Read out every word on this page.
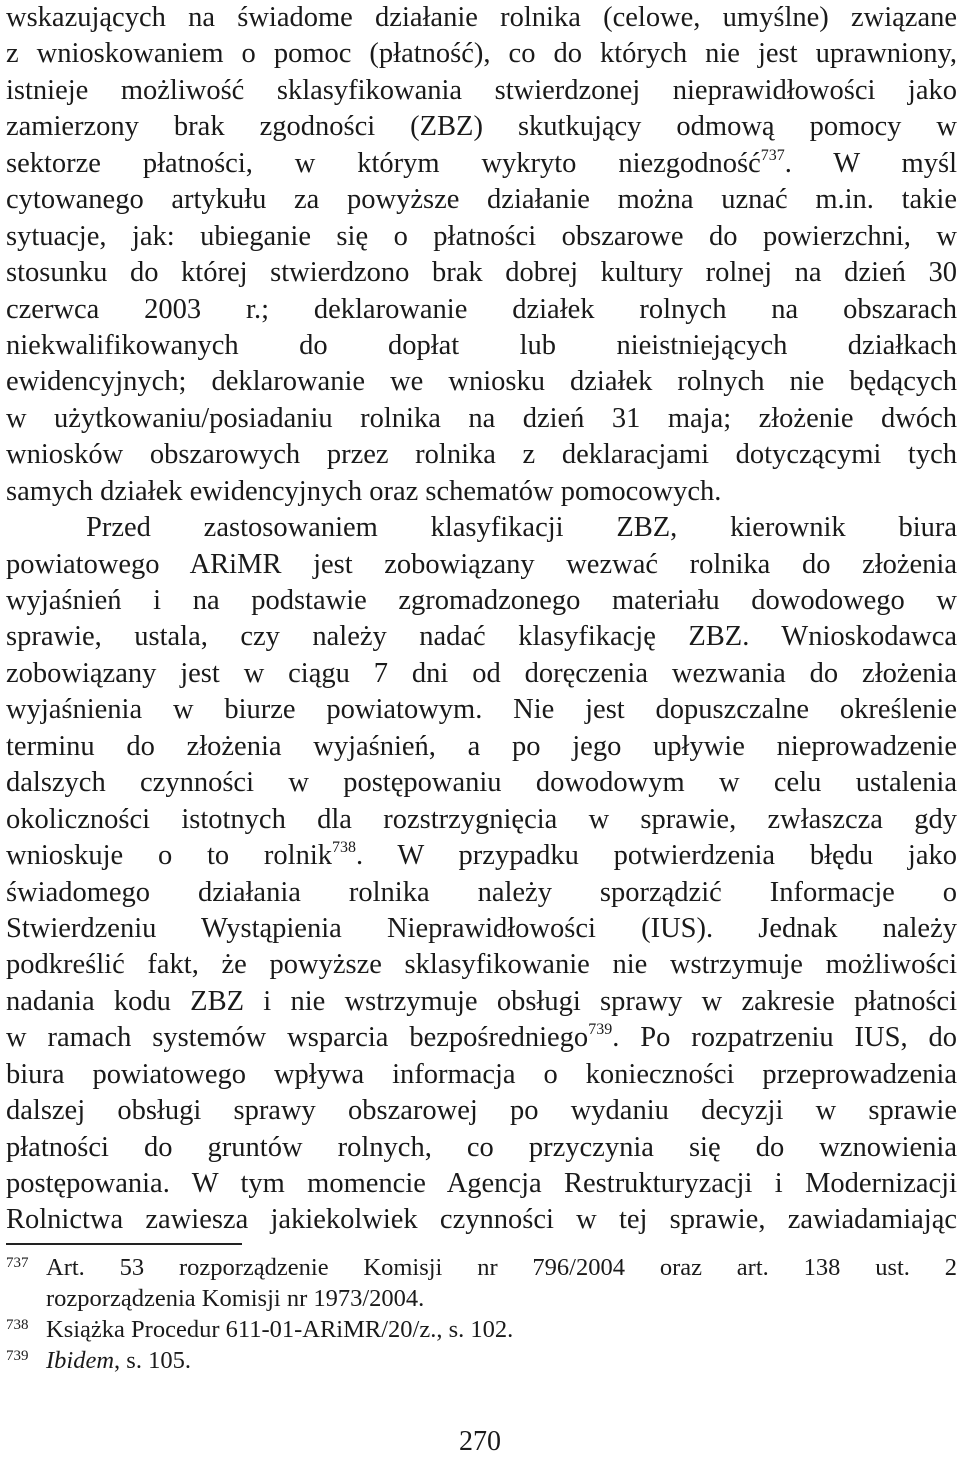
wskazujących na świadome działanie rolnika (celowe, umyślne) związane
z wnioskowaniem o pomoc (płatność), co do których nie jest uprawniony,
istnieje możliwość sklasyfikowania stwierdzonej nieprawidłowości jako
zamierzony brak zgodności (ZBZ) skutkujący odmową pomocy w
sektorze płatności, w którym wykryto niezgodność$^{737}$. W myśl
cytowanego artykułu za powyższe działanie można uznać m.in. takie
sytuacje, jak: ubieganie się o płatności obszarowe do powierzchni, w
stosunku do której stwierdzono brak dobrej kultury rolnej na dzień 30
czerwca 2003 r.; deklarowanie działek rolnych na obszarach
niekwalifikowanych do dopłat lub nieistniejących działkach
ewidencyjnych; deklarowanie we wniosku działek rolnych nie będących
w użytkowaniu/posiadaniu rolnika na dzień 31 maja; złożenie dwóch
wniosków obszarowych przez rolnika z deklaracjami dotyczącymi tych
samych działek ewidencyjnych oraz schematów pomocowych.
Przed zastosowaniem klasyfikacji ZBZ, kierownik biura
powiatowego ARiMR jest zobowiązany wezwać rolnika do złożenia
wyjaśnień i na podstawie zgromadzonego materiału dowodowego w
sprawie, ustala, czy należy nadać klasyfikację ZBZ. Wnioskodawca
zobowiązany jest w ciągu 7 dni od doręczenia wezwania do złożenia
wyjaśnienia w biurze powiatowym. Nie jest dopuszczalne określenie
terminu do złożenia wyjaśnień, a po jego upływie nieprowadzenie
dalszych czynności w postępowaniu dowodowym w celu ustalenia
okoliczności istotnych dla rozstrzygnięcia w sprawie, zwłaszcza gdy
wnioskuje o to rolnik$^{738}$. W przypadku potwierdzenia błędu jako
świadomego działania rolnika należy sporządzić Informacje o
Stwierdzeniu Wystąpienia Nieprawidłowości (IUS). Jednak należy
podkreślić fakt, że powyższe sklasyfikowanie nie wstrzymuje możliwości
nadania kodu ZBZ i nie wstrzymuje obsługi sprawy w zakresie płatności
w ramach systemów wsparcia bezpośredniego$^{739}$. Po rozpatrzeniu IUS, do
biura powiatowego wpływa informacja o konieczności przeprowadzenia
dalszej obsługi sprawy obszarowej po wydaniu decyzji w sprawie
płatności do gruntów rolnych, co przyczynia się do wznowienia
postępowania. W tym momencie Agencja Restrukturyzacji i Modernizacji
Rolnictwa zawiesza jakiekolwiek czynności w tej sprawie, zawiadamiając
737 Art. 53 rozporządzenie Komisji nr 796/2004 oraz art. 138 ust. 2
rozporządzenia Komisji nr 1973/2004.
738 Książka Procedur 611-01-ARiMR/20/z., s. 102.
739 Ibidem, s. 105.
270
